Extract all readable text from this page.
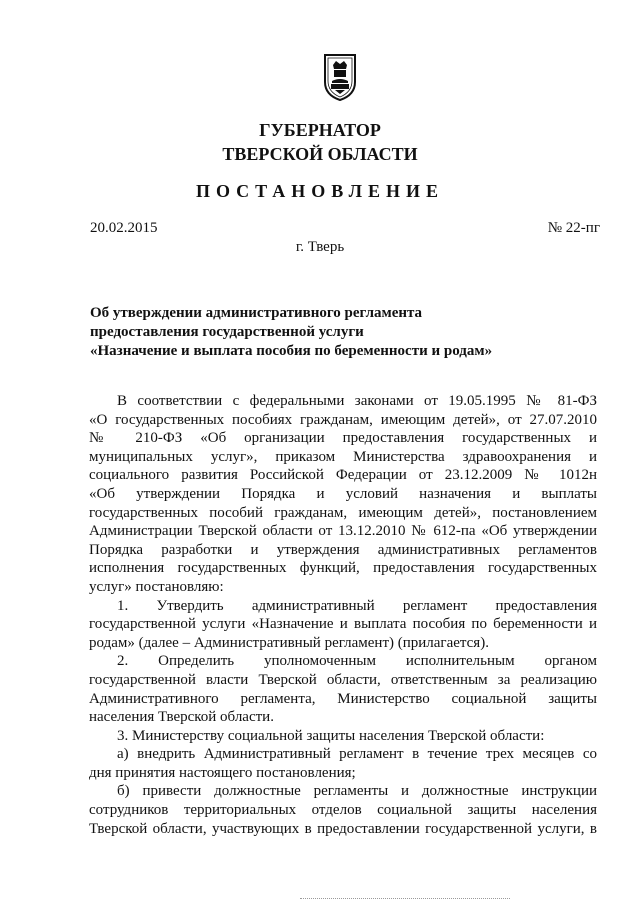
ГУБЕРНАТОР
ТВЕРСКОЙ ОБЛАСТИ
ПОСТАНОВЛЕНИЕ
20.02.2015	№ 22-пг
г. Тверь
Об утверждении административного регламента
предоставления государственной услуги
«Назначение и выплата пособия по беременности и родам»

В соответствии с федеральными законами от 19.05.1995 № 81-ФЗ

«О государственных пособиях гражданам, имеющим детей», от 27.07.2010

№ 210-ФЗ «Об организации предоставления государственных и

муниципальных услуг», приказом Министерства здравоохранения и

социального развития Российской Федерации от 23.12.2009 № 1012н

«Об утверждении Порядка и условий назначения и выплаты

государственных пособий гражданам, имеющим детей», постановлением

Администрации Тверской области от 13.12.2010 № 612-па «Об утверждении

Порядка разработки и утверждения административных регламентов

исполнения государственных функций, предоставления государственных

услуг» постановляю:

1. Утвердить административный регламент предоставления

государственной услуги «Назначение и выплата пособия по беременности и

родам» (далее – Административный регламент) (прилагается).

2. Определить уполномоченным исполнительным органом

государственной власти Тверской области, ответственным за реализацию

Административного регламента, Министерство социальной защиты

населения Тверской области.

3. Министерству социальной защиты населения Тверской области:

а) внедрить Административный регламент в течение трех месяцев со

дня принятия настоящего постановления;

б) привести должностные регламенты и должностные инструкции

сотрудников территориальных отделов социальной защиты населения

Тверской области, участвующих в предоставлении государственной услуги, в
